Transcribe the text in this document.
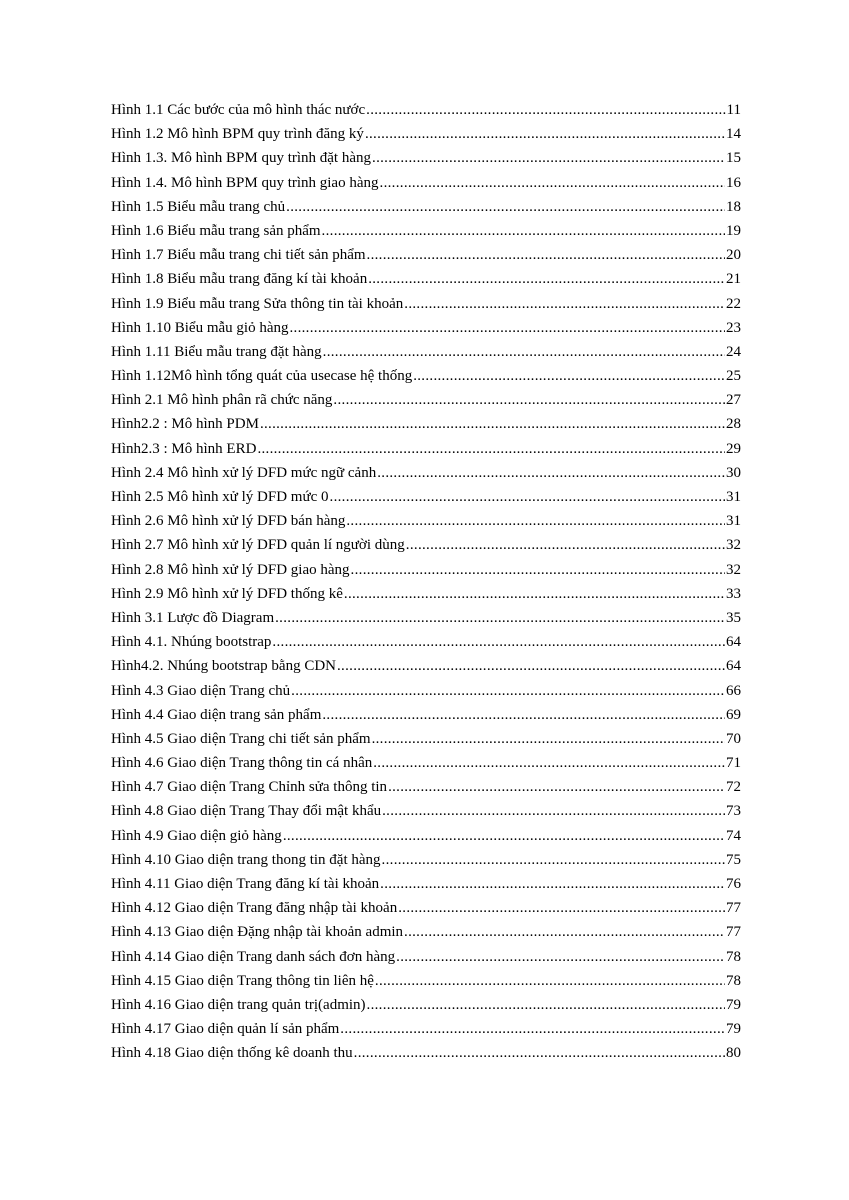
Hình 1.1 Các bước của mô hình thác nước .....	11
Hình 1.2 Mô hình BPM quy trình đăng ký .....	14
Hình 1.3. Mô hình BPM quy trình đặt hàng .....	15
Hình 1.4. Mô hình BPM quy trình giao hàng .....	16
Hình 1.5 Biểu mẫu trang chủ .....	18
Hình 1.6 Biểu mẫu trang sản phẩm .....	19
Hình 1.7 Biểu mẫu trang chi tiết sản phẩm .....	20
Hình 1.8 Biểu mẫu trang đăng kí tài khoản .....	21
Hình 1.9 Biểu mẫu trang Sửa thông tin tài khoản .....	22
Hình 1.10 Biểu mẫu giỏ hàng .....	23
Hình 1.11 Biểu mẫu trang đặt hàng .....	24
Hình 1.12Mô hình tổng quát của usecase hệ thống .....	25
Hình 2.1 Mô hình phân rã chức năng .....	27
Hình2.2 : Mô hình PDM .....	28
Hình2.3 : Mô hình ERD .....	29
Hình 2.4 Mô hình xử lý DFD mức ngữ cảnh .....	30
Hình 2.5 Mô hình xử lý DFD mức 0 .....	31
Hình 2.6 Mô hình xử lý DFD bán hàng .....	31
Hình 2.7 Mô hình xử lý DFD quản lí người dùng .....	32
Hình 2.8 Mô hình xử lý DFD giao hàng .....	32
Hình 2.9 Mô hình xử lý DFD thống kê .....	33
Hình 3.1 Lược đồ Diagram .....	35
Hình 4.1. Nhúng bootstrap .....	64
Hình4.2. Nhúng bootstrap bằng CDN .....	64
Hình 4.3 Giao diện Trang chủ .....	66
Hình 4.4 Giao diện trang sản phẩm .....	69
Hình 4.5 Giao diện Trang chi tiết sản phẩm .....	70
Hình 4.6 Giao diện Trang thông tin cá nhân .....	71
Hình 4.7 Giao diện Trang Chỉnh sửa thông tin .....	72
Hình 4.8 Giao diện Trang Thay đổi mật khẩu .....	73
Hình 4.9 Giao diện giỏ hàng .....	74
Hình 4.10 Giao diện trang thong tin đặt hàng .....	75
Hình 4.11 Giao diện Trang đăng kí tài khoản .....	76
Hình 4.12 Giao diện Trang đăng nhập tài khoản .....	77
Hình 4.13 Giao diện Đặng nhập tài khoản admin .....	77
Hình 4.14 Giao diện Trang danh sách đơn hàng .....	78
Hình 4.15 Giao diện Trang thông tin liên hệ .....	78
Hình 4.16 Giao diện trang quản trị(admin) .....	79
Hình 4.17 Giao diện quản lí sản phẩm .....	79
Hình 4.18 Giao diện thống kê doanh thu .....	80
